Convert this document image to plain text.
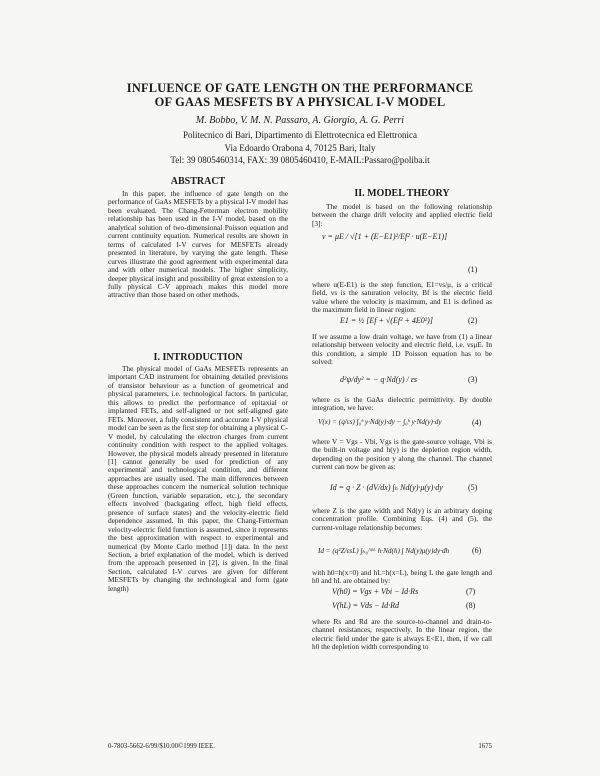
INFLUENCE OF GATE LENGTH ON THE PERFORMANCE
OF GAAS MESFETS BY A PHYSICAL I-V MODEL
M. Bobbo, V. M. N. Passaro, A. Giorgio, A. G. Perri
Politecnico di Bari, Dipartimento di Elettrotecnica ed Elettronica
Via Edoardo Orabona 4, 70125 Bari, Italy
Tel: 39 0805460314, FAX: 39 0805460410, E-MAIL:Passaro@poliba.it
ABSTRACT

In this paper, the influence of gate length on the performance of GaAs MESFETs by a physical I-V model has been evaluated. The Chang-Fetterman electron mobility relationship has been used in the I-V model, based on the analytical solution of two-dimensional Poisson equation and current continuity equation. Numerical results are shown in terms of calculated I-V curves for MESFETs already presented in literature, by varying the gate length. These curves illustrate the good agreement with experimental data and with other numerical models. The higher simplicity, deeper physical insight and possibility of great extension to a fully physical C-V approach makes this model more attractive than those based on other methods.

I. INTRODUCTION

The physical model of GaAs MESFETs represents an important CAD instrument for obtaining detailed previsions of transistor behaviour as a function of geometrical and physical parameters, i.e. technological factors. In particular, this allows to predict the performance of epitaxial or implanted FETs, and self-aligned or not self-aligned gate FETs. Moreover, a fully consistent and accurate I-V physical model can be seen as the first step for obtaining a physical C-V model, by calculating the electron charges from current continuity condition with respect to the applied voltages. However, the physical models already presented in literature [1] cannot generally be used for prediction of any experimental and technological condition, and different approaches are usually used. The main differences between these approaches concern the numerical solution technique (Green function, variable separation, etc.), the secondary effects involved (backgating effect, high field effects, presence of surface states) and the velocity-electric field dependence assumed. In this paper, the Chang-Fetterman velocity-electric field function is assumed, since it represents the best approximation with respect to experimental and numerical (by Monte Carlo method [1]) data. In the next Section, a brief explanation of the model, which is derived from the approach presented in [2], is given. In the final Section, calculated I-V curves are given for different MESFETs by changing the technological and form (gate length)

II. MODEL THEORY

The model is based on the following relationship between the charge drift velocity and applied electric field [3]:

v = μE / √[1 + (E−E1)²/Ef² · u(E−E1)]
(1)

where u(E-E1) is the step function, E1=vs/μ, is a critical field, vs is the saturation velocity, Bf is the electric field value where the velocity is maximum, and E1 is defined as the maximum field in linear region:

E1 = ½ [Ef + √(Ef² + 4E0²)]	(2)

If we assume a low drain voltage, we have from (1) a linear relationship between velocity and electric field, i.e. vsμE. In this condition, a simple 1D Poisson equation has to be solved:

d²ψ/dy² = − q·Nd(y) / εs	(3)

where εs is the GaAs dielectric permittivity. By double integration, we have:

V(x) = (q/εs) ∫₀ʰ y·Nd(y)·dy − ∫₀ʰ y·Nd(y)·dy	(4)

where V = Vgs - Vbi, Vgs is the gate-source voltage, Vbi is the built-in voltage and h(y) is the depletion region width, depending on the position y along the channel. The channel current can now be given as:

Id = q · Z · (dV/dx) ∫ₕ Nd(y)·μ(y)·dy	(5)

where Z is the gate width and Nd(y) is an arbitrary doping concentration profile. Combining Eqs. (4) and (5), the current-voltage relationship becomes:

Id = (q²Z/εsL) ∫ₕ₀^ʰᴸ h·Nd(h) ∫ Nd(y)μ(y)dy·dh	(6)

with h0=h(x=0) and hL=h(x=L), being L the gate length and h0 and hL are obtained by:

V(h0) = Vgs + Vbi − Id·Rs	(7)
V(hL) = Vds − Id·Rd	(8)

where Rs and Rd are the source-to-channel and drain-to-channel resistances, respectively. In the linear region, the electric field under the gate is always E<E1, then, if we call h0 the depletion width corresponding to

0-7803-5662-6/99/$10.00©1999 IEEE.	1675
